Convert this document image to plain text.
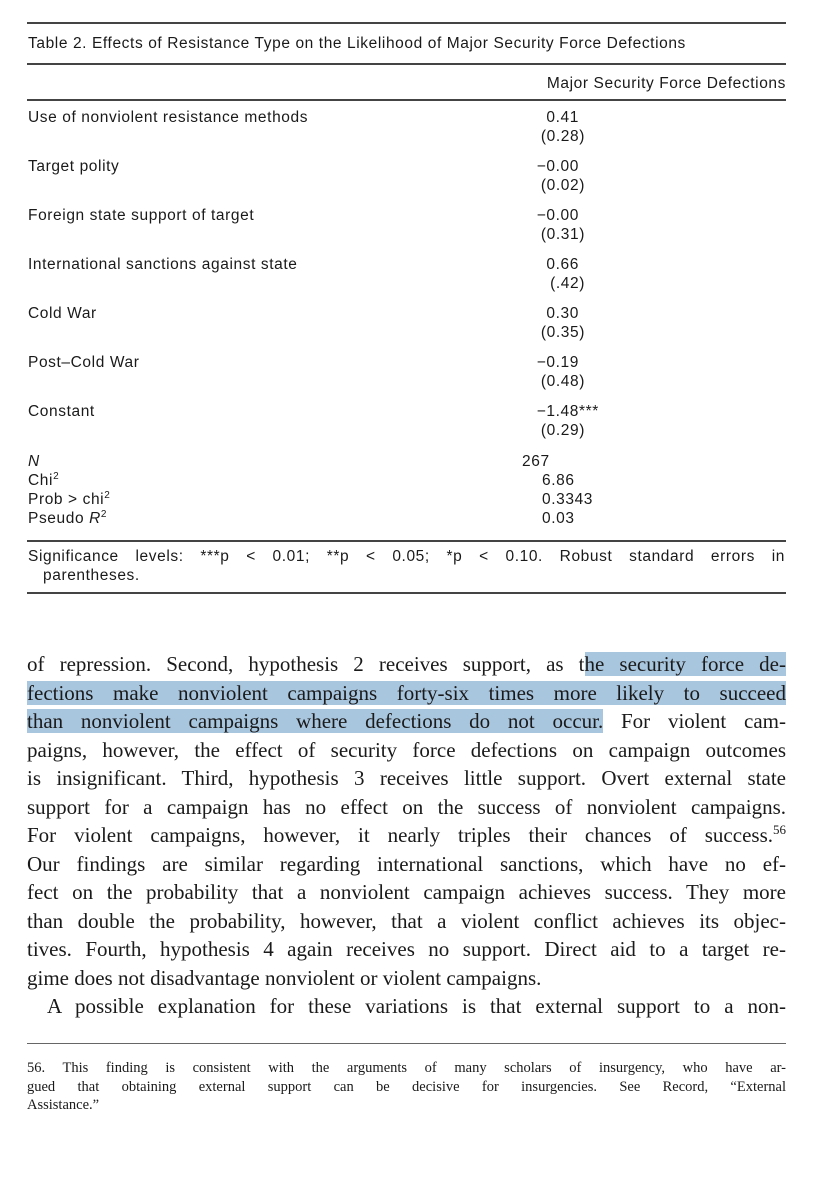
Table 2. Effects of Resistance Type on the Likelihood of Major Security Force Defections
Major Security Force Defections
Use of nonviolent resistance methods	0.41
(0.28)
Target polity	−0.00
(0.02)
Foreign state support of target	−0.00
(0.31)
International sanctions against state	0.66
(.42)
Cold War	0.30
(0.35)
Post–Cold War	−0.19
(0.48)
Constant	−1.48 ***
(0.29)
N	267
Chi$^2$	6.86
Prob > chi$^2$	0.3343
Pseudo $R^2$	0.03
Significance levels: ***p < 0.01; **p < 0.05; *p < 0.10. Robust standard errors in
parentheses.
of repression. Second, hypothesis 2 receives support, as the security force de-
fections make nonviolent campaigns forty-six times more likely to succeed
than nonviolent campaigns where defections do not occur. For violent cam-
paigns, however, the effect of security force defections on campaign outcomes
is insignificant. Third, hypothesis 3 receives little support. Overt external state
support for a campaign has no effect on the success of nonviolent campaigns.
For violent campaigns, however, it nearly triples their chances of success.$^{56}$
Our findings are similar regarding international sanctions, which have no ef-
fect on the probability that a nonviolent campaign achieves success. They more
than double the probability, however, that a violent conflict achieves its objec-
tives. Fourth, hypothesis 4 again receives no support. Direct aid to a target re-
gime does not disadvantage nonviolent or violent campaigns.
A possible explanation for these variations is that external support to a non-
56. This finding is consistent with the arguments of many scholars of insurgency, who have ar-
gued that obtaining external support can be decisive for insurgencies. See Record, “External
Assistance.”
